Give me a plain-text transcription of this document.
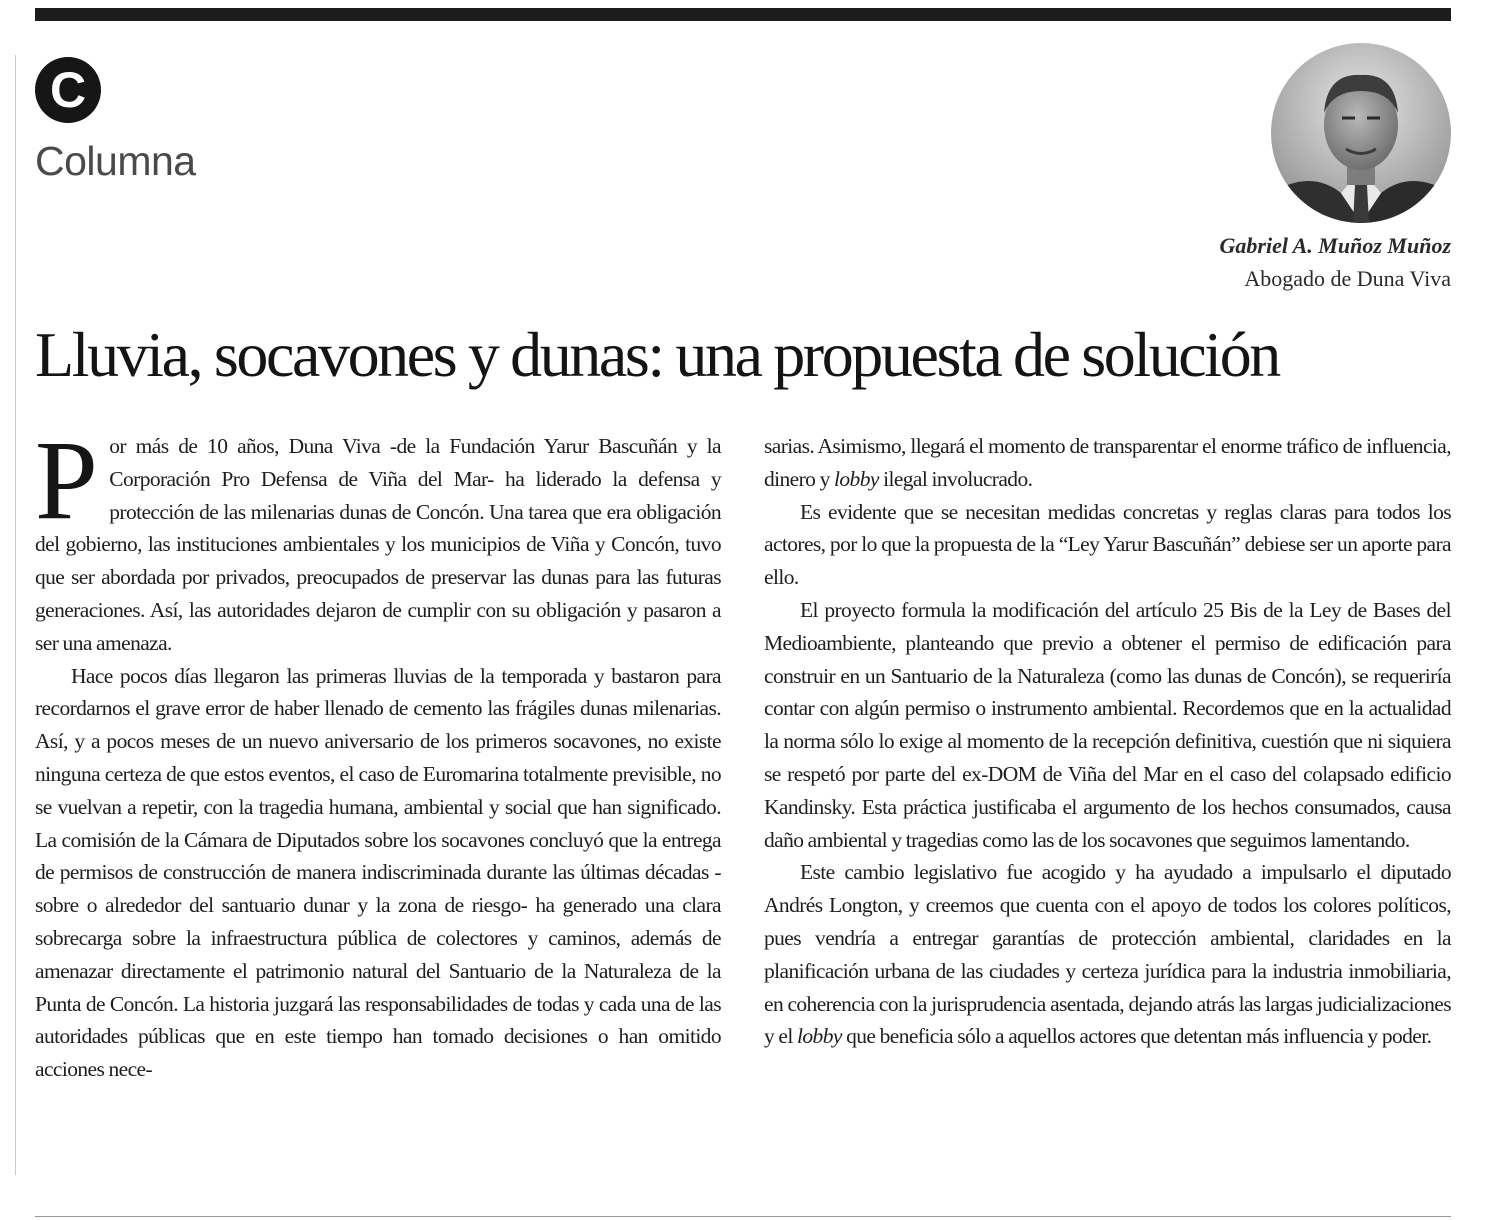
C
Columna
Gabriel A. Muñoz Muñoz
Abogado de Duna Viva
Lluvia, socavones y dunas: una propuesta de solución

Por más de 10 años, Duna Viva -de la Fundación Yarur Bascuñán y la Corporación Pro Defensa de Viña del Mar- ha liderado la defensa y protección de las milenarias dunas de Concón. Una tarea que era obligación del gobierno, las instituciones ambientales y los municipios de Viña y Concón, tuvo que ser abordada por privados, preocupados de preservar las dunas para las futuras generaciones. Así, las autoridades dejaron de cumplir con su obligación y pasaron a ser una amenaza.

Hace pocos días llegaron las primeras lluvias de la temporada y bastaron para recordarnos el grave error de haber llenado de cemento las frágiles dunas milenarias. Así, y a pocos meses de un nuevo aniversario de los primeros socavones, no existe ninguna certeza de que estos eventos, el caso de Euromarina totalmente previsible, no se vuelvan a repetir, con la tragedia humana, ambiental y social que han significado. La comisión de la Cámara de Diputados sobre los socavones concluyó que la entrega de permisos de construcción de manera indiscriminada durante las últimas décadas -sobre o alrededor del santuario dunar y la zona de riesgo- ha generado una clara sobrecarga sobre la infraestructura pública de colectores y caminos, además de amenazar directamente el patrimonio natural del Santuario de la Naturaleza de la Punta de Concón. La historia juzgará las responsabilidades de todas y cada una de las autoridades públicas que en este tiempo han tomado decisiones o han omitido acciones nece-

sarias. Asimismo, llegará el momento de transparentar el enorme tráfico de influencia, dinero y lobby ilegal involucrado.

Es evidente que se necesitan medidas concretas y reglas claras para todos los actores, por lo que la propuesta de la “Ley Yarur Bascuñán” debiese ser un aporte para ello.

El proyecto formula la modificación del artículo 25 Bis de la Ley de Bases del Medioambiente, planteando que previo a obtener el permiso de edificación para construir en un Santuario de la Naturaleza (como las dunas de Concón), se requeriría contar con algún permiso o instrumento ambiental. Recordemos que en la actualidad la norma sólo lo exige al momento de la recepción definitiva, cuestión que ni siquiera se respetó por parte del ex-DOM de Viña del Mar en el caso del colapsado edificio Kandinsky. Esta práctica justificaba el argumento de los hechos consumados, causa daño ambiental y tragedias como las de los socavones que seguimos lamentando.

Este cambio legislativo fue acogido y ha ayudado a impulsarlo el diputado Andrés Longton, y creemos que cuenta con el apoyo de todos los colores políticos, pues vendría a entregar garantías de protección ambiental, claridades en la planificación urbana de las ciudades y certeza jurídica para la industria inmobiliaria, en coherencia con la jurisprudencia asentada, dejando atrás las largas judicializaciones y el lobby que beneficia sólo a aquellos actores que detentan más influencia y poder.
